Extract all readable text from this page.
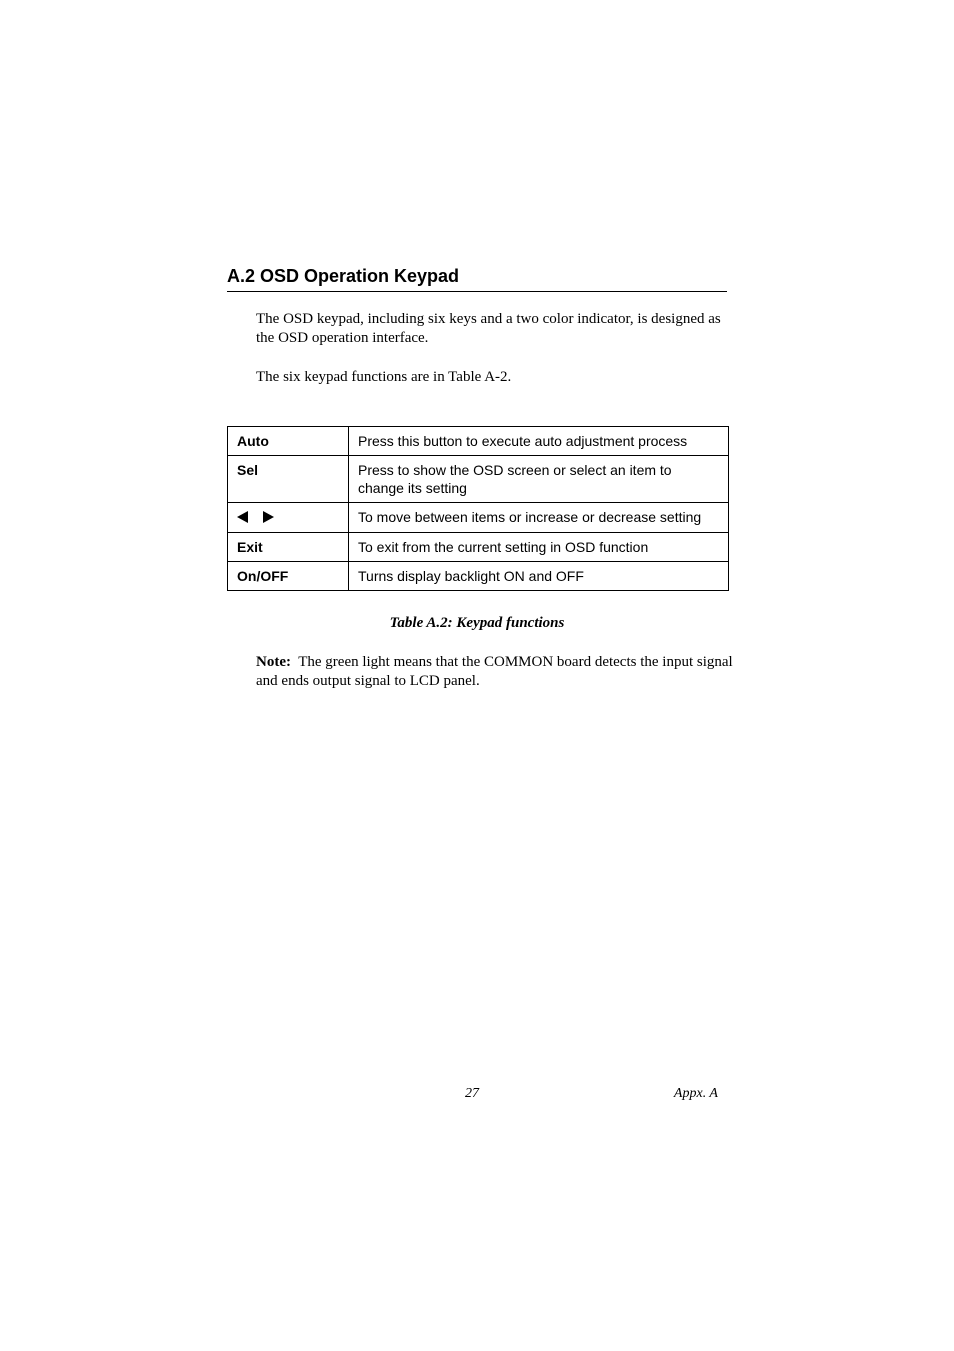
A.2 OSD Operation Keypad

The OSD keypad, including six keys and a two color indicator, is designed as the OSD operation interface.

The six keypad functions are in Table A-2.

Auto	Press this button to execute auto adjustment process
Sel	Press to show the OSD screen or select an item to change its setting

	To move between items or increase or decrease setting
Exit	To exit from the current setting in OSD function
On/OFF	Turns display backlight ON and OFF

Table A.2: Keypad functions

Note: The green light means that the COMMON board detects the input signal and ends output signal to LCD panel.

27	Appx. A
